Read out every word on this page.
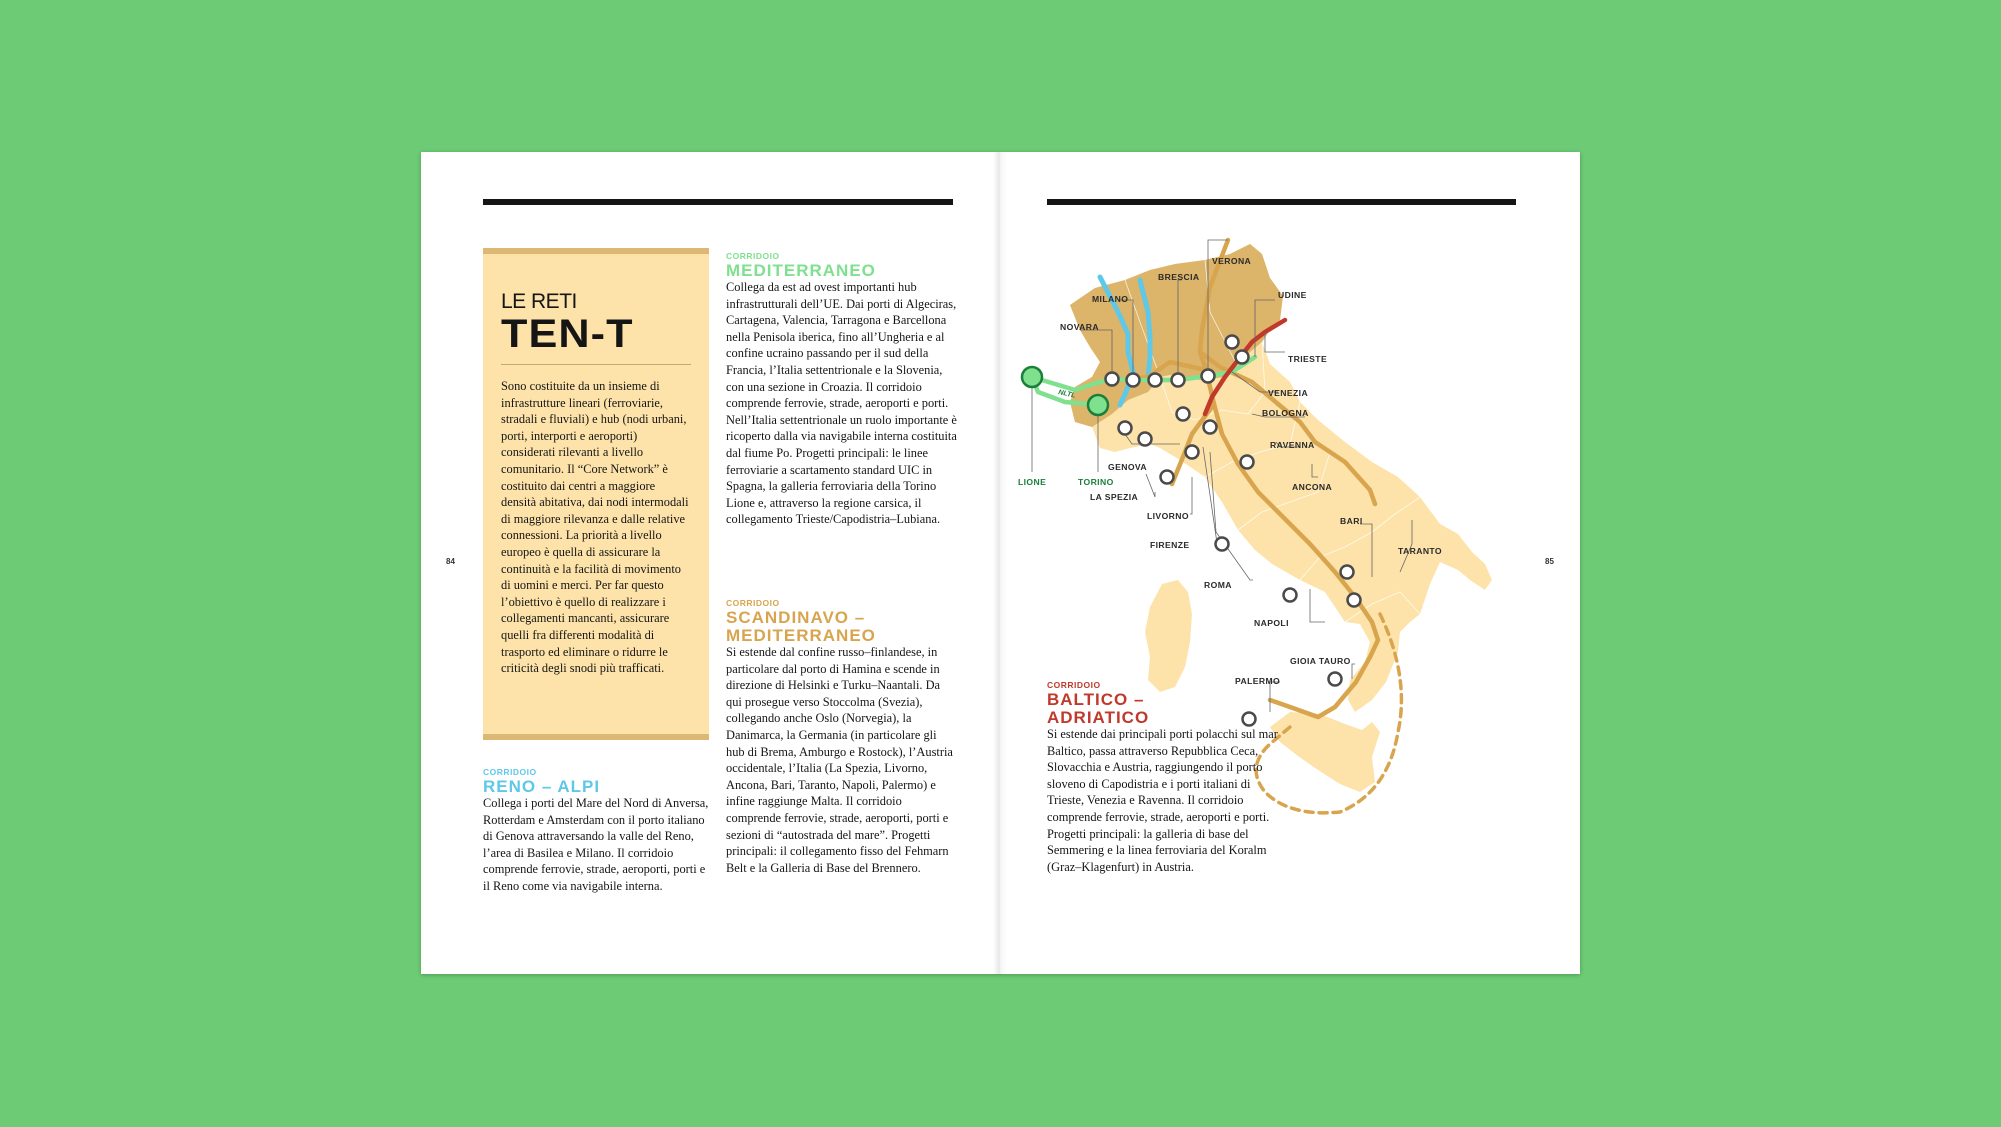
84
LE RETI
TEN-T
Sono costituite da un insieme di infrastrutture lineari (ferroviarie, stradali e fluviali) e hub (nodi urbani, porti, interporti e aeroporti) considerati rilevanti a livello comunitario. Il “Core Network” è costituito dai centri a maggiore densità abitativa, dai nodi intermodali di maggiore rilevanza e dalle relative connessioni. La priorità a livello europeo è quella di assicurare la continuità e la facilità di movimento di uomini e merci. Per far questo l’obiettivo è quello di realizzare i collegamenti mancanti, assicurare quelli fra differenti modalità di trasporto ed eliminare o ridurre le criticità degli snodi più trafficati.
CORRIDOIO
MEDITERRANEO
Collega da est ad ovest importanti hub infrastrutturali dell’UE. Dai porti di Algeciras, Cartagena, Valencia, Tarragona e Barcellona nella Penisola iberica, fino all’Ungheria e al confine ucraino passando per il sud della Francia, l’Italia settentrionale e la Slovenia, con una sezione in Croazia. Il corridoio comprende ferrovie, strade, aeroporti e porti. Nell’Italia settentrionale un ruolo importante è ricoperto dalla via navigabile interna costituita dal fiume Po. Progetti principali: le linee ferroviarie a scartamento standard UIC in Spagna, la galleria ferroviaria della Torino Lione e, attraverso la regione carsica, il collegamento Trieste/Capodistria–Lubiana.
CORRIDOIO
SCANDINAVO –
MEDITERRANEO
Si estende dal confine russo–finlandese, in particolare dal porto di Hamina e scende in direzione di Helsinki e Turku–Naantali. Da qui prosegue verso Stoccolma (Svezia), collegando anche Oslo (Norvegia), la Danimarca, la Germania (in particolare gli hub di Brema, Amburgo e Rostock), l’Austria occidentale, l’Italia (La Spezia, Livorno, Ancona, Bari, Taranto, Napoli, Palermo) e infine raggiunge Malta. Il corridoio comprende ferrovie, strade, aeroporti, porti e sezioni di “autostrada del mare”. Progetti principali: il collegamento fisso del Fehmarn Belt e la Galleria di Base del Brennero.
CORRIDOIO
RENO – ALPI
Collega i porti del Mare del Nord di Anversa, Rotterdam e Amsterdam con il porto italiano di Genova attraversando la valle del Reno, l’area di Basilea e Milano. Il corridoio comprende ferrovie, strade, aeroporti, porti e il Reno come via navigabile interna.
85
NLTL
LIONE	TORINO
NOVARA
MILANO
BRESCIA
VERONA
UDINE
TRIESTE
VENEZIA
BOLOGNA
RAVENNA
ANCONA
GENOVA
LA SPEZIA
LIVORNO
FIRENZE
ROMA
NAPOLI
BARI
TARANTO
GIOIA TAURO
PALERMO
CORRIDOIO
BALTICO –
ADRIATICO
Si estende dai principali porti polacchi sul mar Baltico, passa attraverso Repubblica Ceca, Slovacchia e Austria, raggiungendo il porto sloveno di Capodistria e i porti italiani di Trieste, Venezia e Ravenna. Il corridoio comprende ferrovie, strade, aeroporti e porti. Progetti principali: la galleria di base del Semmering e la linea ferroviaria del Koralm (Graz–Klagenfurt) in Austria.
